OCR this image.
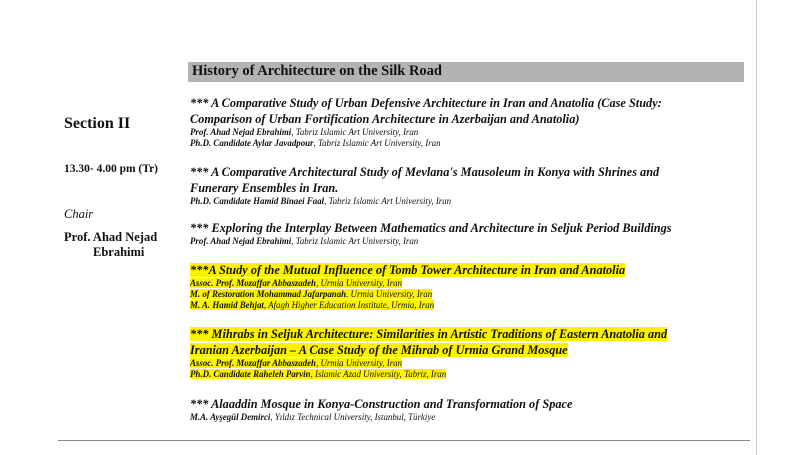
History of Architecture on the Silk Road
Section II
13.30- 4.00 pm (Tr)
Chair
Prof. Ahad Nejad
Ebrahimi
*** A Comparative Study of Urban Defensive Architecture in Iran and Anatolia (Case Study:
Comparison of Urban Fortification Architecture in Azerbaijan and Anatolia)
Prof. Ahad Nejad Ebrahimi, Tabriz Islamic Art University, Iran
Ph.D. Candidate Aylar Javadpour, Tabriz Islamic Art University, Iran
*** A Comparative Architectural Study of Mevlana's Mausoleum in Konya with Shrines and
Funerary Ensembles in Iran.
Ph.D. Candidate Hamid Binaei Faal, Tabriz Islamic Art University, Iran
*** Exploring the Interplay Between Mathematics and Architecture in Seljuk Period Buildings
Prof. Ahad Nejad Ebrahimi, Tabriz Islamic Art University, Iran
***A Study of the Mutual Influence of Tomb Tower Architecture in Iran and Anatolia
Assoc. Prof. Mozaffar Abbaszadeh, Urmia University, Iran
M. of Restoration Mohammad Jafarpanah. Urmia University, Iran
M. A. Hamid Behjat, Afagh Higher Education Institute, Urmia, Iran
*** Mihrabs in Seljuk Architecture: Similarities in Artistic Traditions of Eastern Anatolia and
Iranian Azerbaijan – A Case Study of the Mihrab of Urmia Grand Mosque
Assoc. Prof. Mozaffar Abbaszadeh, Urmia University, Iran
Ph.D. Candidate Raheleh Parvin, Islamic Azad University, Tabriz, Iran
*** Alaaddin Mosque in Konya-Construction and Transformation of Space
M.A. Ayşegül Demirci, Yıldız Technical University, Istanbul, Türkiye
